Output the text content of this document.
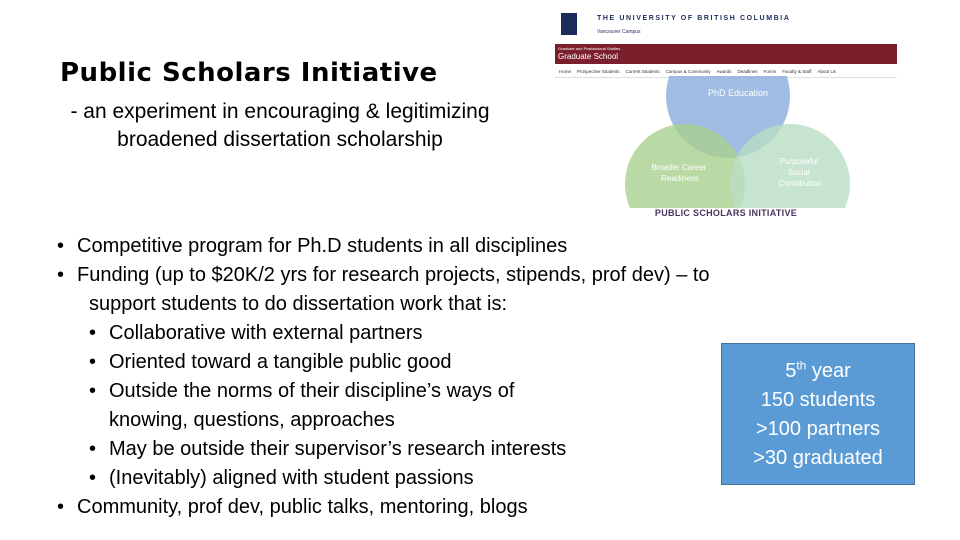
Public Scholars Initiative
- an experiment in encouraging & legitimizing broadened dissertation scholarship
THE UNIVERSITY OF BRITISH COLUMBIA
Vancouver Campus
Graduate and Postdoctoral Studies
Graduate School
Home Prospective Students Current Students Campus & Community Awards Deadlines Forms Faculty & Staff About Us
PhD Education
Broader Career Readiness
Purposeful Social Contribution
PUBLIC SCHOLARS INITIATIVE
• Competitive program for Ph.D students in all disciplines
• Funding (up to $20K/2 yrs for research projects, stipends, prof dev) – to
support students to do dissertation work that is:
• Collaborative with external partners
• Oriented toward a tangible public good
• Outside the norms of their discipline’s ways of
knowing, questions, approaches
• May be outside their supervisor’s research interests
• (Inevitably) aligned with student passions
• Community, prof dev, public talks, mentoring, blogs
5th year
150 students
>100 partners
>30 graduated
